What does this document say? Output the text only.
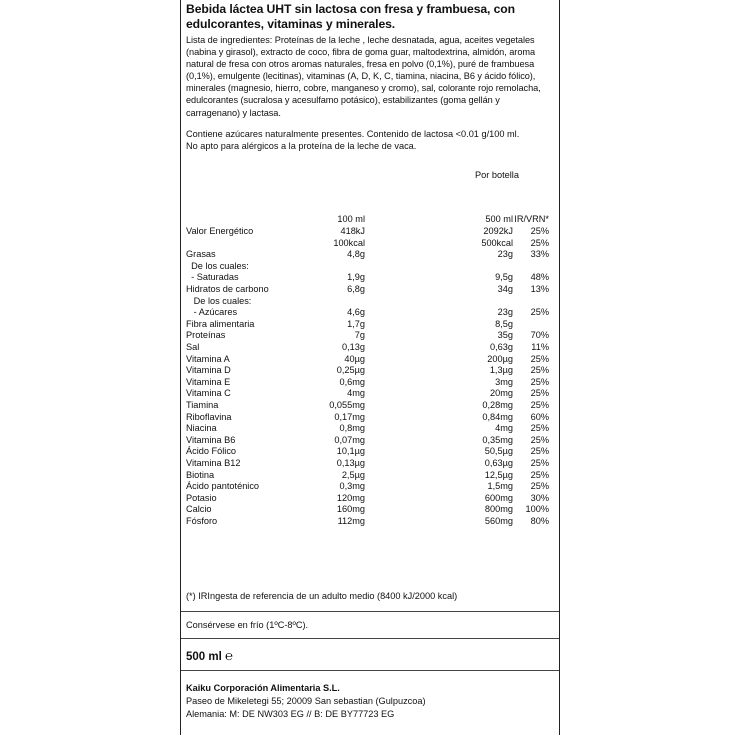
Bebida láctea UHT sin lactosa con fresa y frambuesa, con edulcorantes, vitaminas y minerales.
Lista de ingredientes: Proteínas de la leche , leche desnatada, agua, aceites vegetales (nabina y girasol), extracto de coco, fibra de goma guar, maltodextrina, almidón, aroma natural de fresa con otros aromas naturales, fresa en polvo (0,1%), puré de frambuesa (0,1%), emulgente (lecitinas), vitaminas (A, D, K, C, tiamina, niacina, B6 y ácido fólico), minerales (magnesio, hierro, cobre, manganeso y cromo), sal, colorante rojo remolacha, edulcorantes (sucralosa y acesulfamo potásico), estabilizantes (goma gellán y carragenano) y lactasa.
Contiene azúcares naturalmente presentes. Contenido de lactosa <0.01 g/100 ml.
No apto para alérgicos a la proteína de la leche de vaca.
Por botella
100 ml	500 ml IR/VRN*
Valor Energético	418kJ	2092kJ 25%
100kcal	500kcal 25%
Grasas	4,8g	23g 33%
De los cuales:
- Saturadas	1,9g	9,5g 48%
Hidratos de carbono	6,8g	34g 13%
De los cuales:
- Azúcares	4,6g	23g 25%
Fibra alimentaria	1,7g	8,5g
Proteínas	7g	35g 70%
Sal	0,13g	0,63g 11%
Vitamina A	40µg	200µg 25%
Vitamina D	0,25µg	1,3µg 25%
Vitamina E	0,6mg	3mg 25%
Vitamina C	4mg	20mg 25%
Tiamina	0,055mg	0,28mg 25%
Riboflavina	0,17mg	0,84mg 60%
Niacina	0,8mg	4mg 25%
Vitamina B6	0,07mg	0,35mg 25%
Ácido Fólico	10,1µg	50,5µg 25%
Vitamina B12	0,13µg	0,63µg 25%
Biotina	2,5µg	12,5µg 25%
Ácido pantoténico	0,3mg	1,5mg 25%
Potasio	120mg	600mg 30%
Calcio	160mg	800mg 100%
Fósforo	112mg	560mg 80%
(*) IRIngesta de referencia de un adulto medio (8400 kJ/2000 kcal)
Consérvese en frío (1ºC-8ºC).
500 ml ℮
Kaiku Corporación Alimentaria S.L.
Paseo de Mikeletegi 55; 20009 San sebastian (Gulpuzcoa)
Alemania: M: DE NW303 EG // B: DE BY77723 EG
